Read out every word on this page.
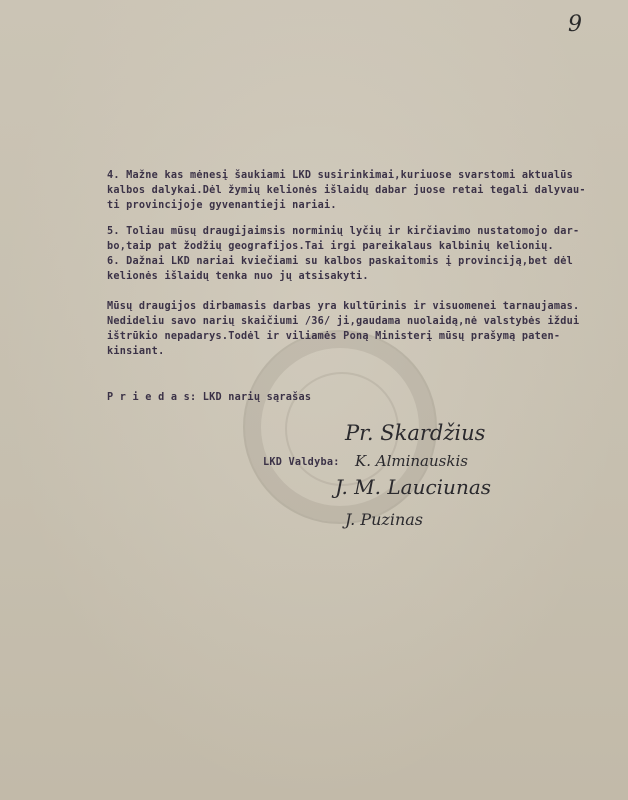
9
4. Mažne kas mėnesį šaukiami LKD susirinkimai,kuriuose svarstomi aktualūs
kalbos dalykai.Dėl žymių kelionės išlaidų dabar juose retai tegali dalyvau-
ti provincijoje gyvenantieji nariai.
5. Toliau mūsų draugijaimsis norminių lyčių ir kirčiavimo nustatomojo dar-
bo,taip pat žodžių geografijos.Tai irgi pareikalaus kalbinių kelionių.
6. Dažnai LKD nariai kviečiami su kalbos paskaitomis į provinciją,bet dėl
kelionės išlaidų tenka nuo jų atsisakyti.
Mūsų draugijos dirbamasis darbas yra kultūrinis ir visuomenei tarnaujamas.
Nedideliu savo narių skaičiumi /36/ ji,gaudama nuolaidą,nė valstybės iždui
ištrūkio nepadarys.Todėl ir viliamės Poną Ministerį mūsų prašymą paten-
kinsiant.
P r i e d a s: LKD narių sąrašas
LKD Valdyba:
Pr. Skardžius
K. Alminauskis
J. M. Lauciunas
J. Puzinas
